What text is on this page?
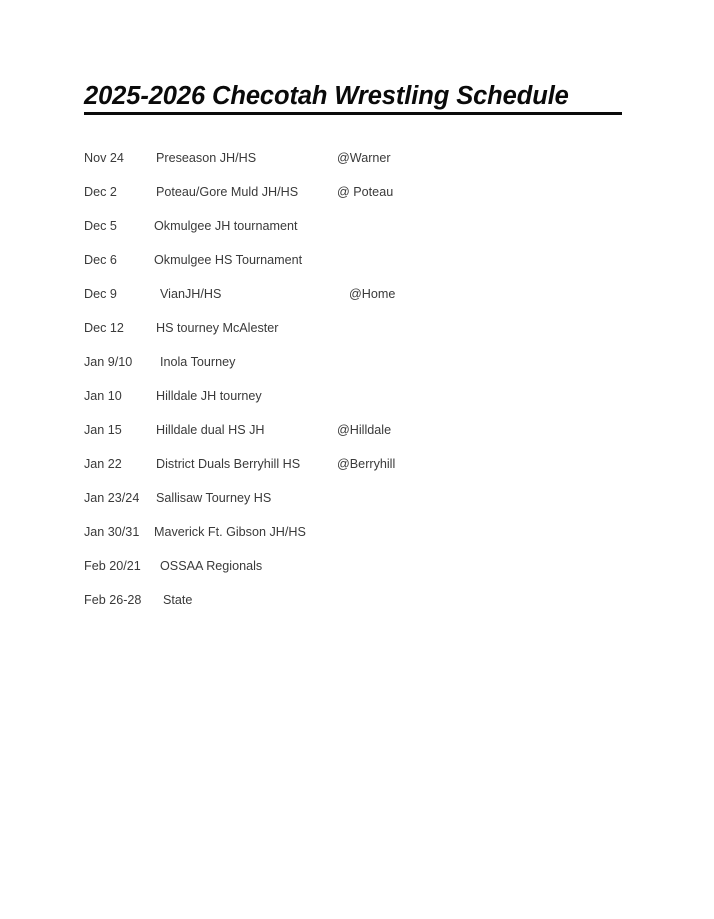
2025-2026 Checotah Wrestling Schedule
Nov 24	Preseason JH/HS	@Warner
Dec 2	Poteau/Gore Muld JH/HS	@ Poteau
Dec 5	Okmulgee JH tournament
Dec 6	Okmulgee HS Tournament
Dec 9	VianJH/HS	@Home
Dec 12	HS tourney McAlester
Jan 9/10 Inola Tourney
Jan 10	Hilldale JH tourney
Jan 15	Hilldale dual HS JH	@Hilldale
Jan 22	District Duals Berryhill HS	@Berryhill
Jan 23/24 Sallisaw Tourney HS
Jan 30/31 Maverick Ft. Gibson JH/HS
Feb 20/21 OSSAA Regionals
Feb 26-28 State
